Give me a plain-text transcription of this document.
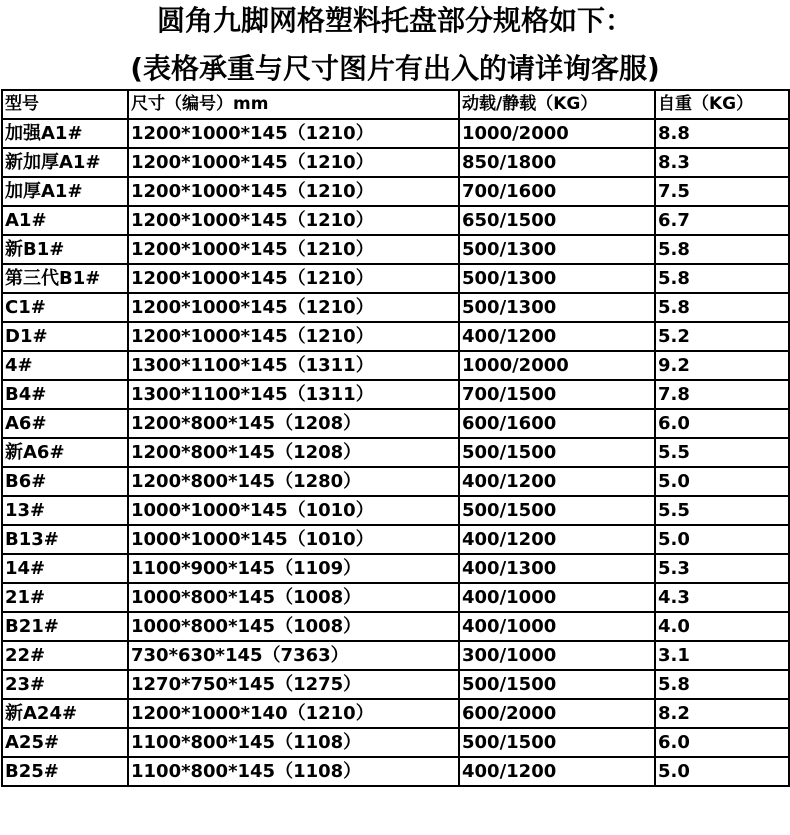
圆角九脚网格塑料托盘部分规格如下：
(表格承重与尺寸图片有出入的请详询客服)
型号	尺寸（编号）mm	动载/静载（KG）	自重（KG）
加强A1#	1200*1000*145（1210）	1000/2000	8.8
新加厚A1#	1200*1000*145（1210）	850/1800	8.3
加厚A1#	1200*1000*145（1210）	700/1600	7.5
A1#	1200*1000*145（1210）	650/1500	6.7
新B1#	1200*1000*145（1210）	500/1300	5.8
第三代B1#	1200*1000*145（1210）	500/1300	5.8
C1#	1200*1000*145（1210）	500/1300	5.8
D1#	1200*1000*145（1210）	400/1200	5.2
4#	1300*1100*145（1311）	1000/2000	9.2
B4#	1300*1100*145（1311）	700/1500	7.8
A6#	1200*800*145（1208）	600/1600	6.0
新A6#	1200*800*145（1208）	500/1500	5.5
B6#	1200*800*145（1280）	400/1200	5.0
13#	1000*1000*145（1010）	500/1500	5.5
B13#	1000*1000*145（1010）	400/1200	5.0
14#	1100*900*145（1109）	400/1300	5.3
21#	1000*800*145（1008）	400/1000	4.3
B21#	1000*800*145（1008）	400/1000	4.0
22#	730*630*145（7363）	300/1000	3.1
23#	1270*750*145（1275）	500/1500	5.8
新A24#	1200*1000*140（1210）	600/2000	8.2
A25#	1100*800*145（1108）	500/1500	6.0
B25#	1100*800*145（1108）	400/1200	5.0
